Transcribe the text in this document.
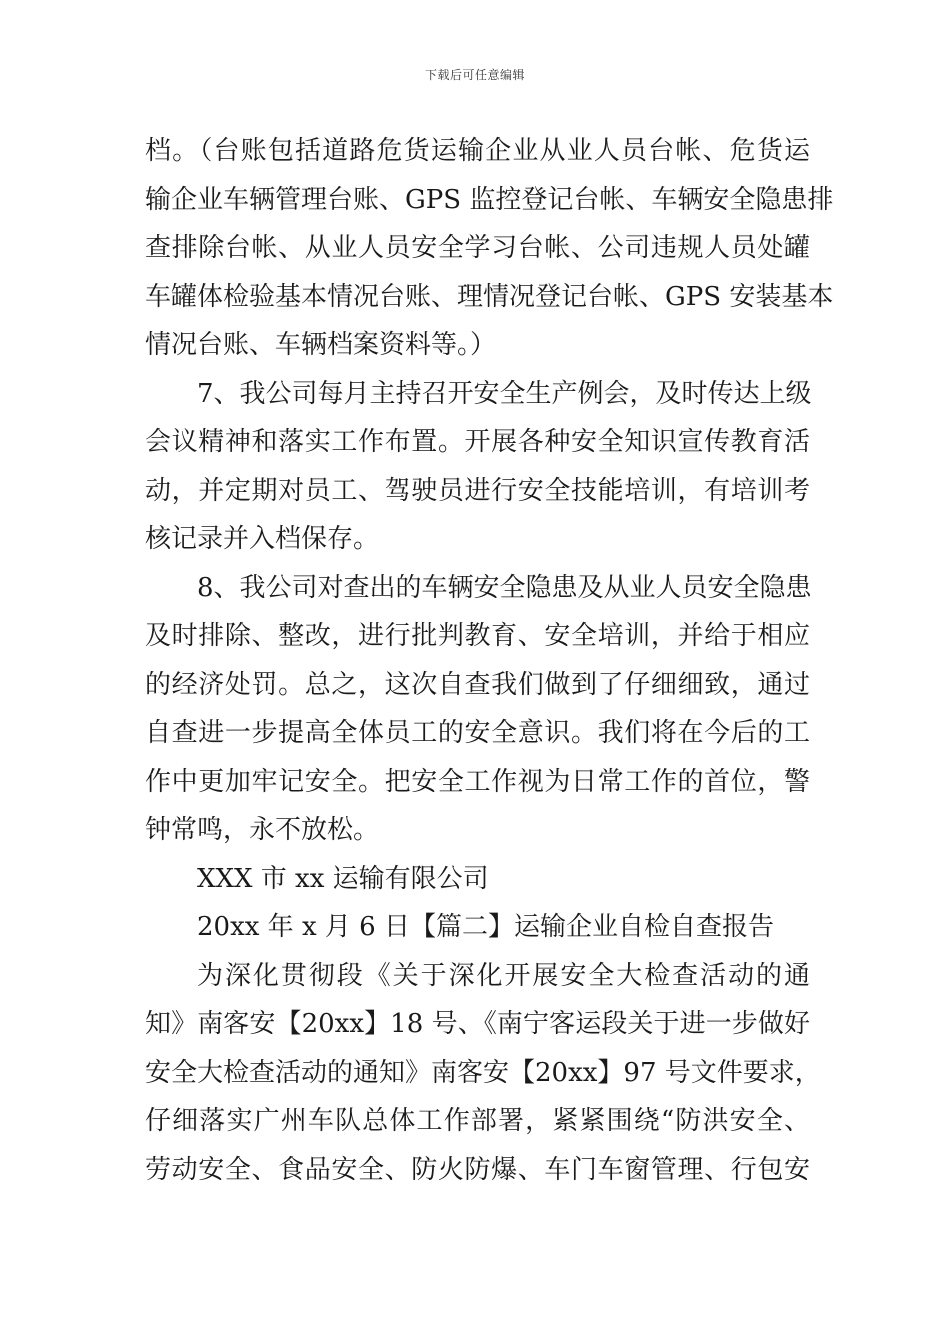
下载后可任意编辑
档。（台账包括道路危货运输企业从业人员台帐、危货运
输企业车辆管理台账、GPS 监控登记台帐、车辆安全隐患排
查排除台帐、从业人员安全学习台帐、公司违规人员处罐
车罐体检验基本情况台账、理情况登记台帐、GPS 安装基本
情况台账、车辆档案资料等。）
7、我公司每月主持召开安全生产例会，及时传达上级
会议精神和落实工作布置。开展各种安全知识宣传教育活
动，并定期对员工、驾驶员进行安全技能培训，有培训考
核记录并入档保存。
8、我公司对查出的车辆安全隐患及从业人员安全隐患
及时排除、整改，进行批判教育、安全培训，并给于相应
的经济处罚。总之，这次自查我们做到了仔细细致，通过
自查进一步提高全体员工的安全意识。我们将在今后的工
作中更加牢记安全。把安全工作视为日常工作的首位，警
钟常鸣，永不放松。
XXX 市 xx 运输有限公司
20xx 年 x 月 6 日【篇二】运输企业自检自查报告
为深化贯彻段《关于深化开展安全大检查活动的通
知》南客安【20xx】18 号、《南宁客运段关于进一步做好
安全大检查活动的通知》南客安【20xx】97 号文件要求，
仔细落实广州车队总体工作部署，紧紧围绕“防洪安全、
劳动安全、食品安全、防火防爆、车门车窗管理、行包安
